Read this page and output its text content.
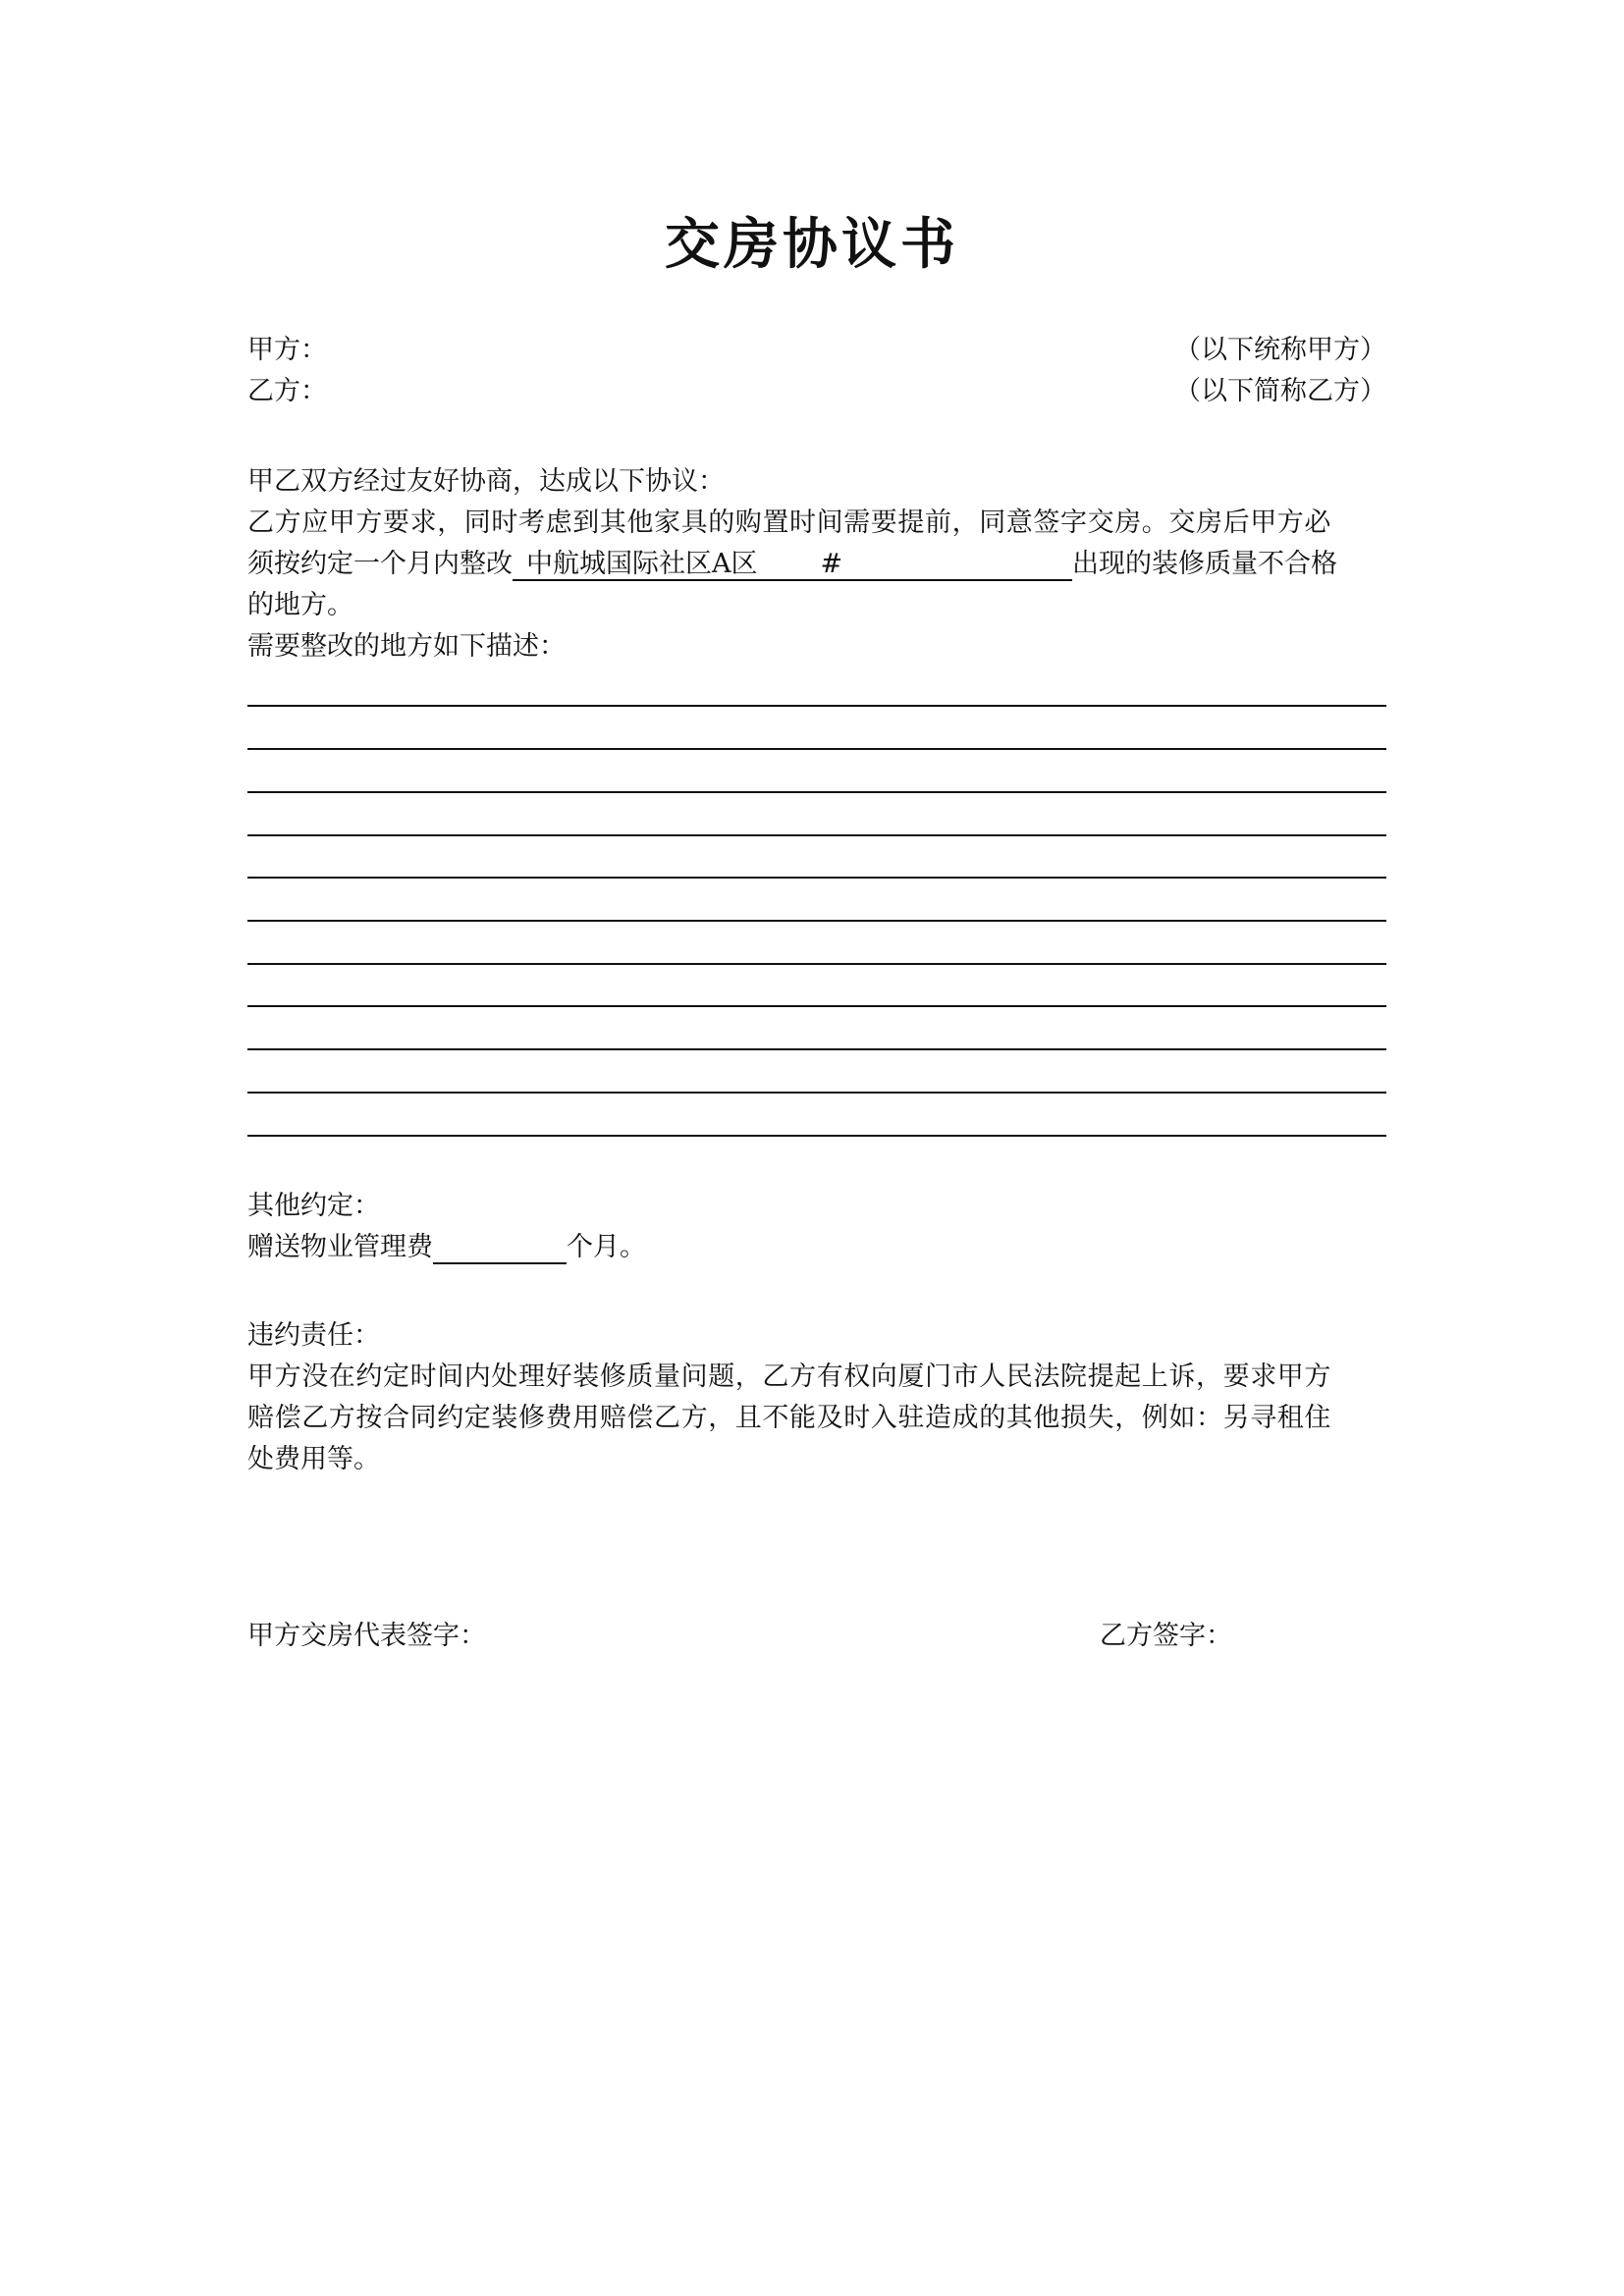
交房协议书
甲方：	（以下统称甲方）
乙方：	（以下简称乙方）
甲乙双方经过友好协商，达成以下协议：
乙方应甲方要求，同时考虑到其他家具的购置时间需要提前，同意签字交房。交房后甲方必
须按约定一个月内整改 中航城国际社区A区 #	出现的装修质量不合格
的地方。
需要整改的地方如下描述：
其他约定：
赠送物业管理费	个月。
违约责任：
甲方没在约定时间内处理好装修质量问题，乙方有权向厦门市人民法院提起上诉，要求甲方
赔偿乙方按合同约定装修费用赔偿乙方，且不能及时入驻造成的其他损失，例如：另寻租住
处费用等。
甲方交房代表签字：	乙方签字：
